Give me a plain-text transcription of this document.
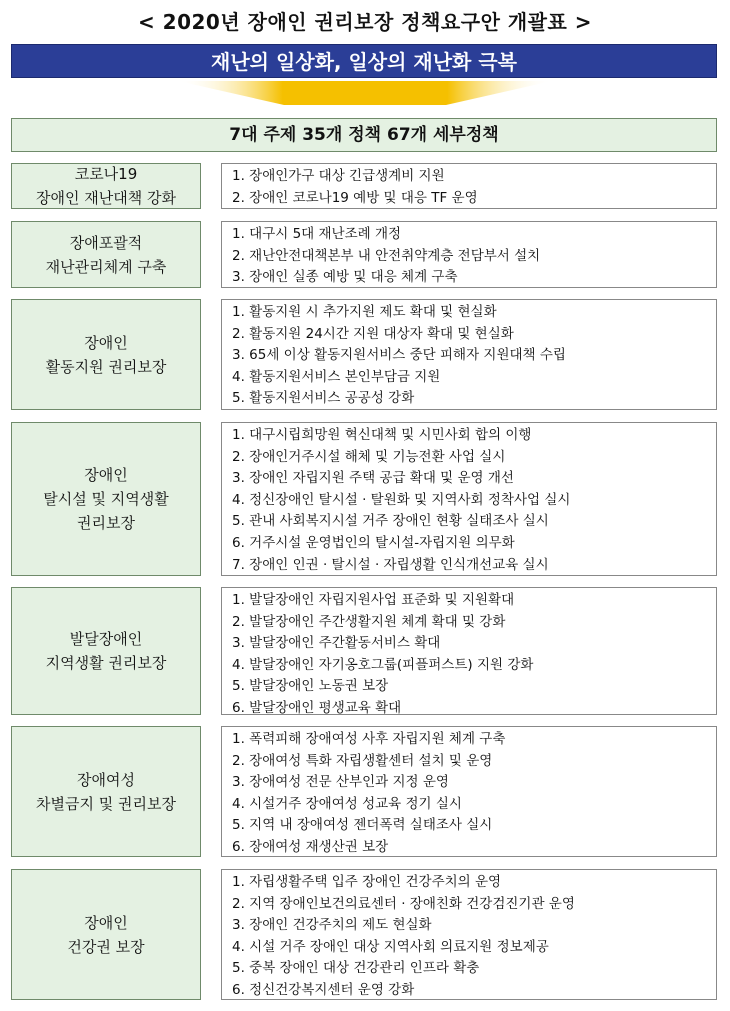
< 2020년 장애인 권리보장 정책요구안 개괄표 >
재난의 일상화, 일상의 재난화 극복
7대 주제 35개 정책 67개 세부정책
코로나19
장애인 재난대책 강화
1. 장애인가구 대상 긴급생계비 지원
2. 장애인 코로나19 예방 및 대응 TF 운영
장애포괄적
재난관리체계 구축
1. 대구시 5대 재난조례 개정
2. 재난안전대책본부 내 안전취약계층 전담부서 설치
3. 장애인 실종 예방 및 대응 체계 구축
장애인
활동지원 권리보장
1. 활동지원 시 추가지원 제도 확대 및 현실화
2. 활동지원 24시간 지원 대상자 확대 및 현실화
3. 65세 이상 활동지원서비스 중단 피해자 지원대책 수립
4. 활동지원서비스 본인부담금 지원
5. 활동지원서비스 공공성 강화
장애인
탈시설 및 지역생활
권리보장
1. 대구시립희망원 혁신대책 및 시민사회 합의 이행
2. 장애인거주시설 해체 및 기능전환 사업 실시
3. 장애인 자립지원 주택 공급 확대 및 운영 개선
4. 정신장애인 탈시설 · 탈원화 및 지역사회 정착사업 실시
5. 관내 사회복지시설 거주 장애인 현황 실태조사 실시
6. 거주시설 운영법인의 탈시설-자립지원 의무화
7. 장애인 인권 · 탈시설 · 자립생활 인식개선교육 실시
발달장애인
지역생활 권리보장
1. 발달장애인 자립지원사업 표준화 및 지원확대
2. 발달장애인 주간생활지원 체계 확대 및 강화
3. 발달장애인 주간활동서비스 확대
4. 발달장애인 자기옹호그룹(피플퍼스트) 지원 강화
5. 발달장애인 노동권 보장
6. 발달장애인 평생교육 확대
장애여성
차별금지 및 권리보장
1. 폭력피해 장애여성 사후 자립지원 체계 구축
2. 장애여성 특화 자립생활센터 설치 및 운영
3. 장애여성 전문 산부인과 지정 운영
4. 시설거주 장애여성 성교육 정기 실시
5. 지역 내 장애여성 젠더폭력 실태조사 실시
6. 장애여성 재생산권 보장
장애인
건강권 보장
1. 자립생활주택 입주 장애인 건강주치의 운영
2. 지역 장애인보건의료센터 · 장애친화 건강검진기관 운영
3. 장애인 건강주치의 제도 현실화
4. 시설 거주 장애인 대상 지역사회 의료지원 정보제공
5. 중복 장애인 대상 건강관리 인프라 확충
6. 정신건강복지센터 운영 강화
